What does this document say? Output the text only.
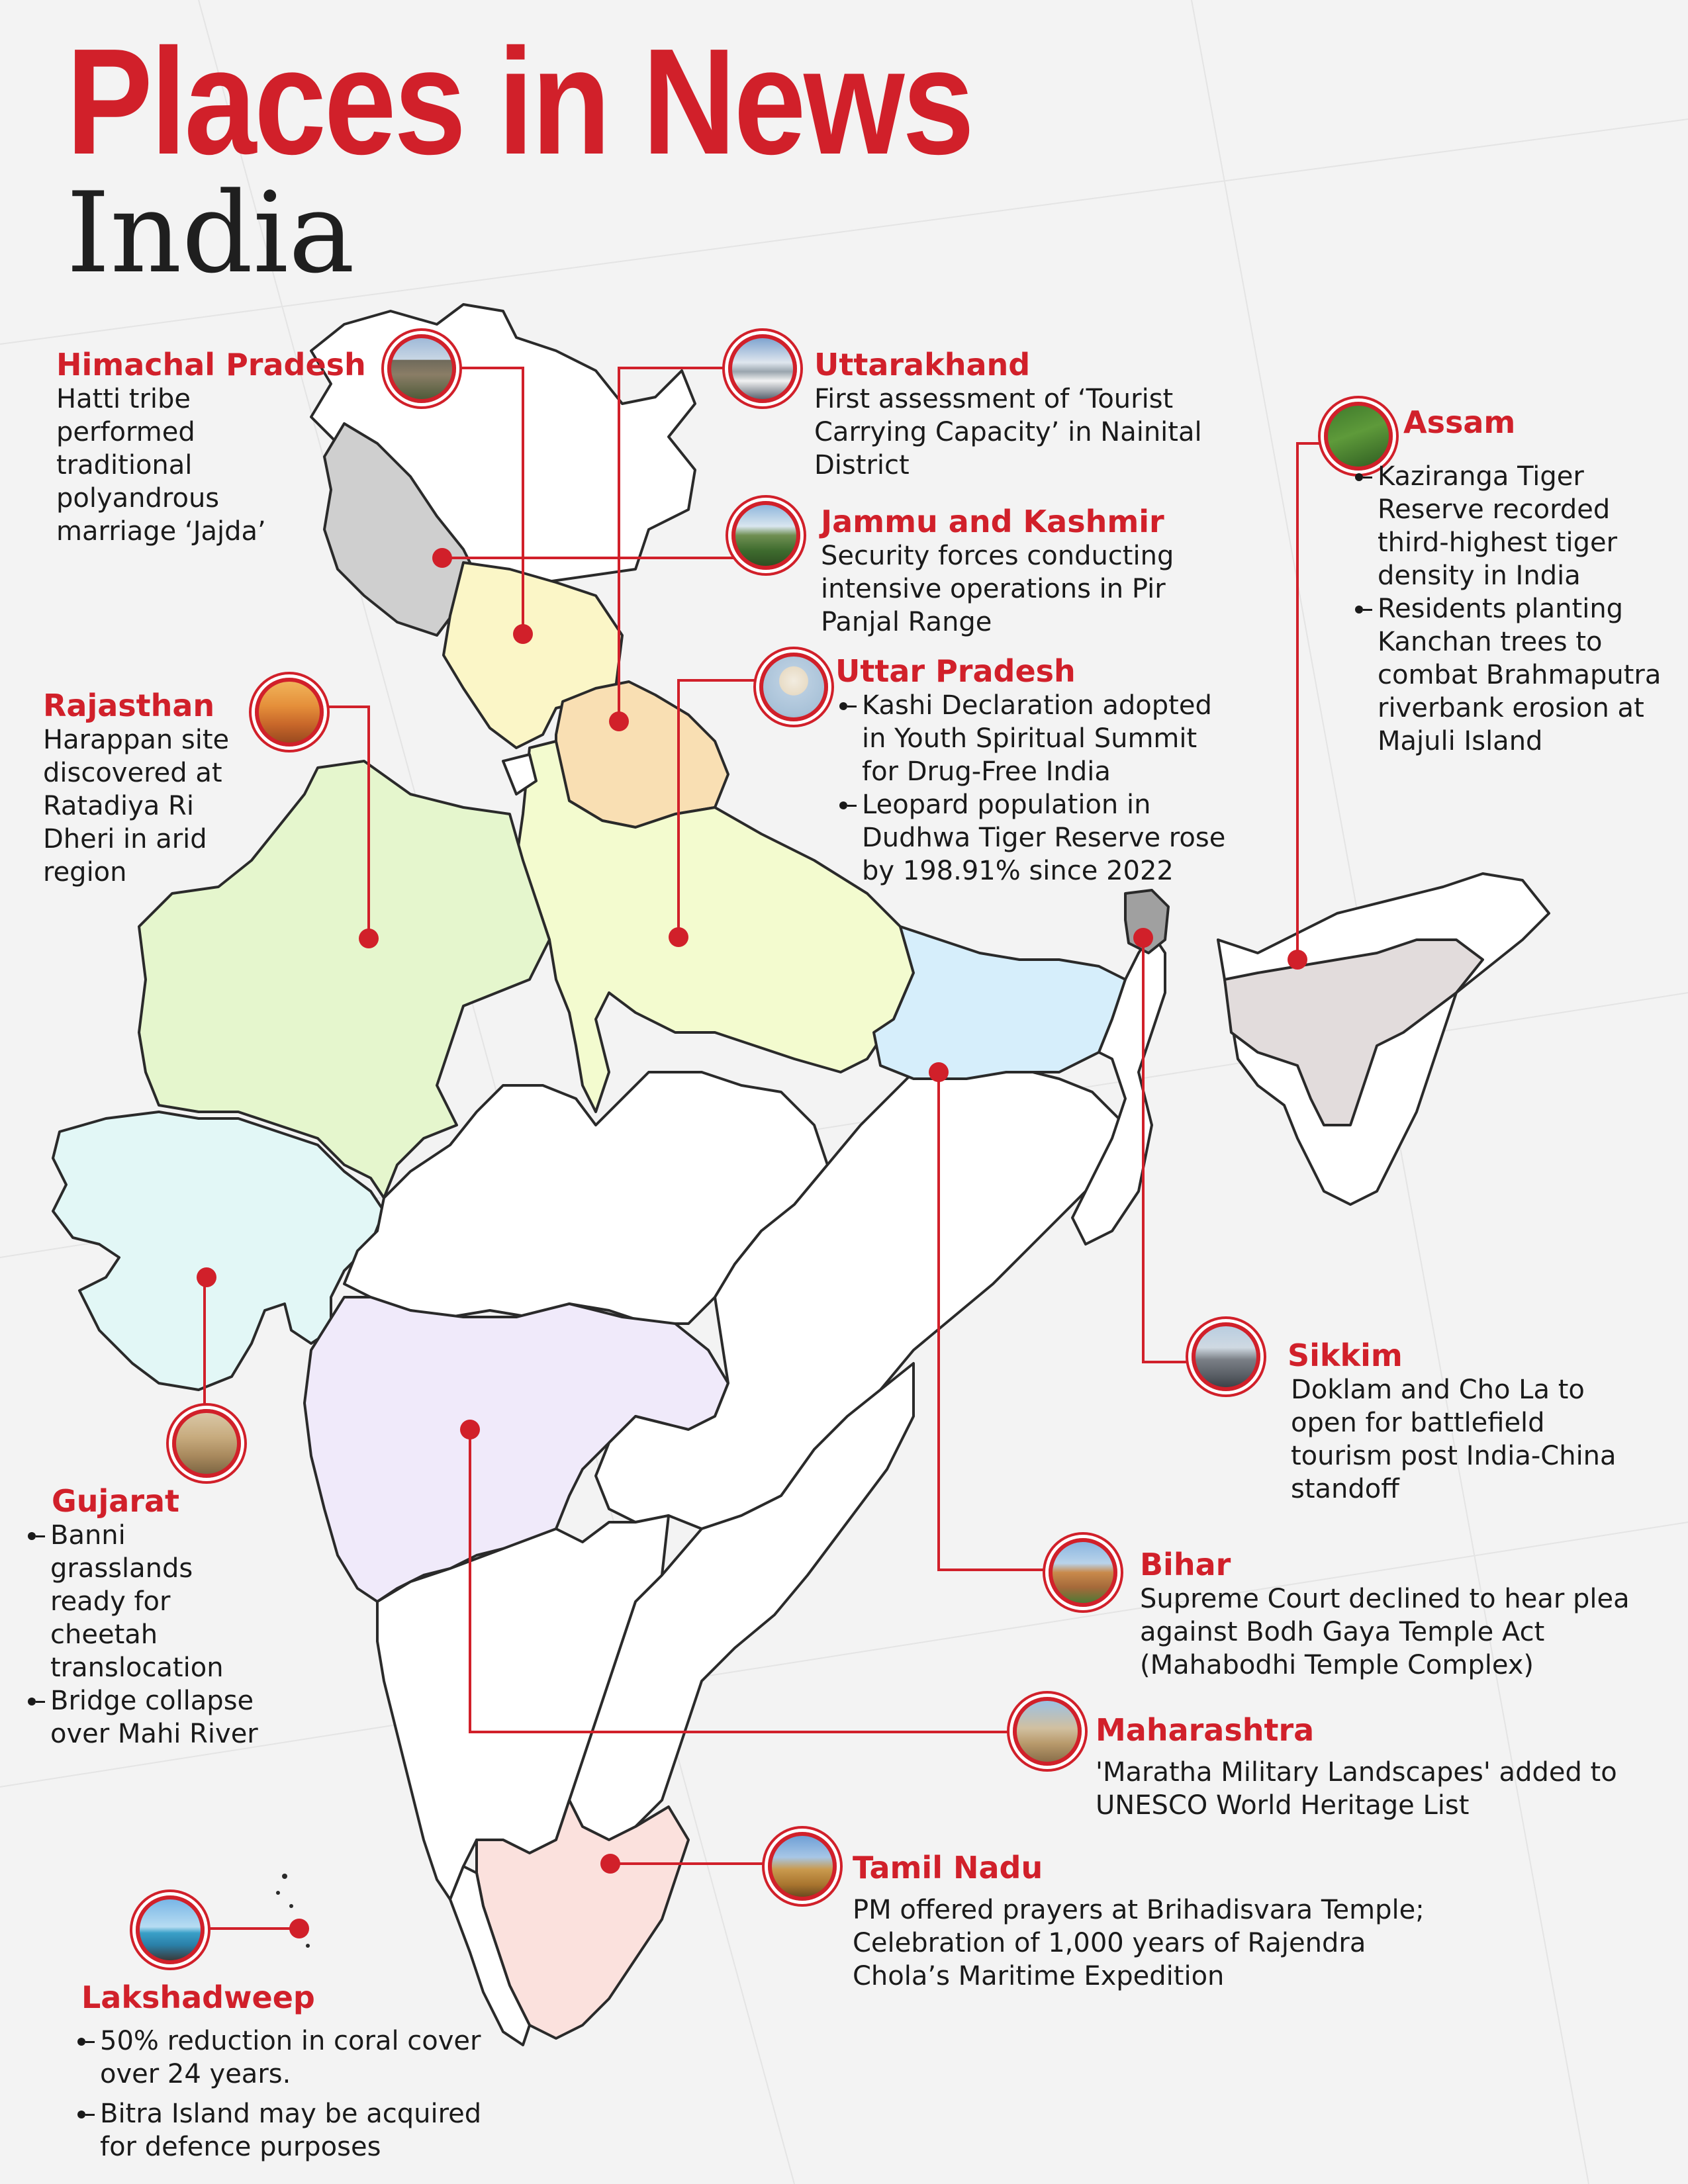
Places in News
India
Himachal Pradesh

Hatti tribe performed traditional polyandrous marriage ‘Jajda’

Uttarakhand

First assessment of ‘Tourist Carrying Capacity’ in Nainital District

Jammu and Kashmir

Security forces conducting intensive operations in Pir Panjal Range

Assam
Kaziranga Tiger Reserve recorded third-highest tiger density in India
Residents planting Kanchan trees to combat Brahmaputra riverbank erosion at Majuli Island
Uttar Pradesh
Kashi Declaration adopted in Youth Spiritual Summit for Drug-Free India
Leopard population in Dudhwa Tiger Reserve rose by 198.91% since 2022
Rajasthan

Harappan site discovered at Ratadiya Ri Dheri in arid region

Sikkim

Doklam and Cho La to open for battlefield tourism post India-China standoff

Gujarat
Banni grasslands ready for cheetah translocation
Bridge collapse over Mahi River
Bihar

Supreme Court declined to hear plea against Bodh Gaya Temple Act (Mahabodhi Temple Complex)

Maharashtra

'Maratha Military Landscapes' added to UNESCO World Heritage List

Tamil Nadu

PM offered prayers at Brihadisvara Temple; Celebration of 1,000 years of Rajendra Chola’s Maritime Expedition

Lakshadweep
50% reduction in coral cover over 24 years.
Bitra Island may be acquired for defence purposes
